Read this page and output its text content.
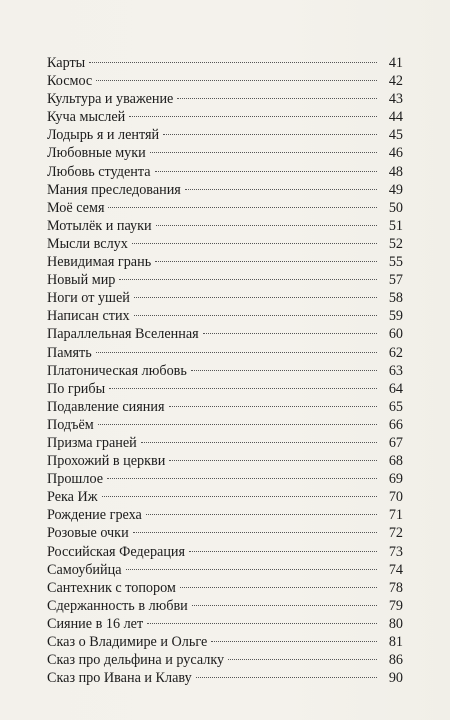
Карты	41
Космос	42
Культура и уважение	43
Куча мыслей	44
Лодырь я и лентяй	45
Любовные муки	46
Любовь студента	48
Мания преследования	49
Моё семя	50
Мотылёк и пауки	51
Мысли вслух	52
Невидимая грань	55
Новый мир	57
Ноги от ушей	58
Написан стих	59
Параллельная Вселенная	60
Память	62
Платоническая любовь	63
По грибы	64
Подавление сияния	65
Подъём	66
Призма граней	67
Прохожий в церкви	68
Прошлое	69
Река Иж	70
Рождение греха	71
Розовые очки	72
Российская Федерация	73
Самоубийца	74
Сантехник с топором	78
Сдержанность в любви	79
Сияние в 16 лет	80
Сказ о Владимире и Ольге	81
Сказ про дельфина и русалку	86
Сказ про Ивана и Клаву	90
